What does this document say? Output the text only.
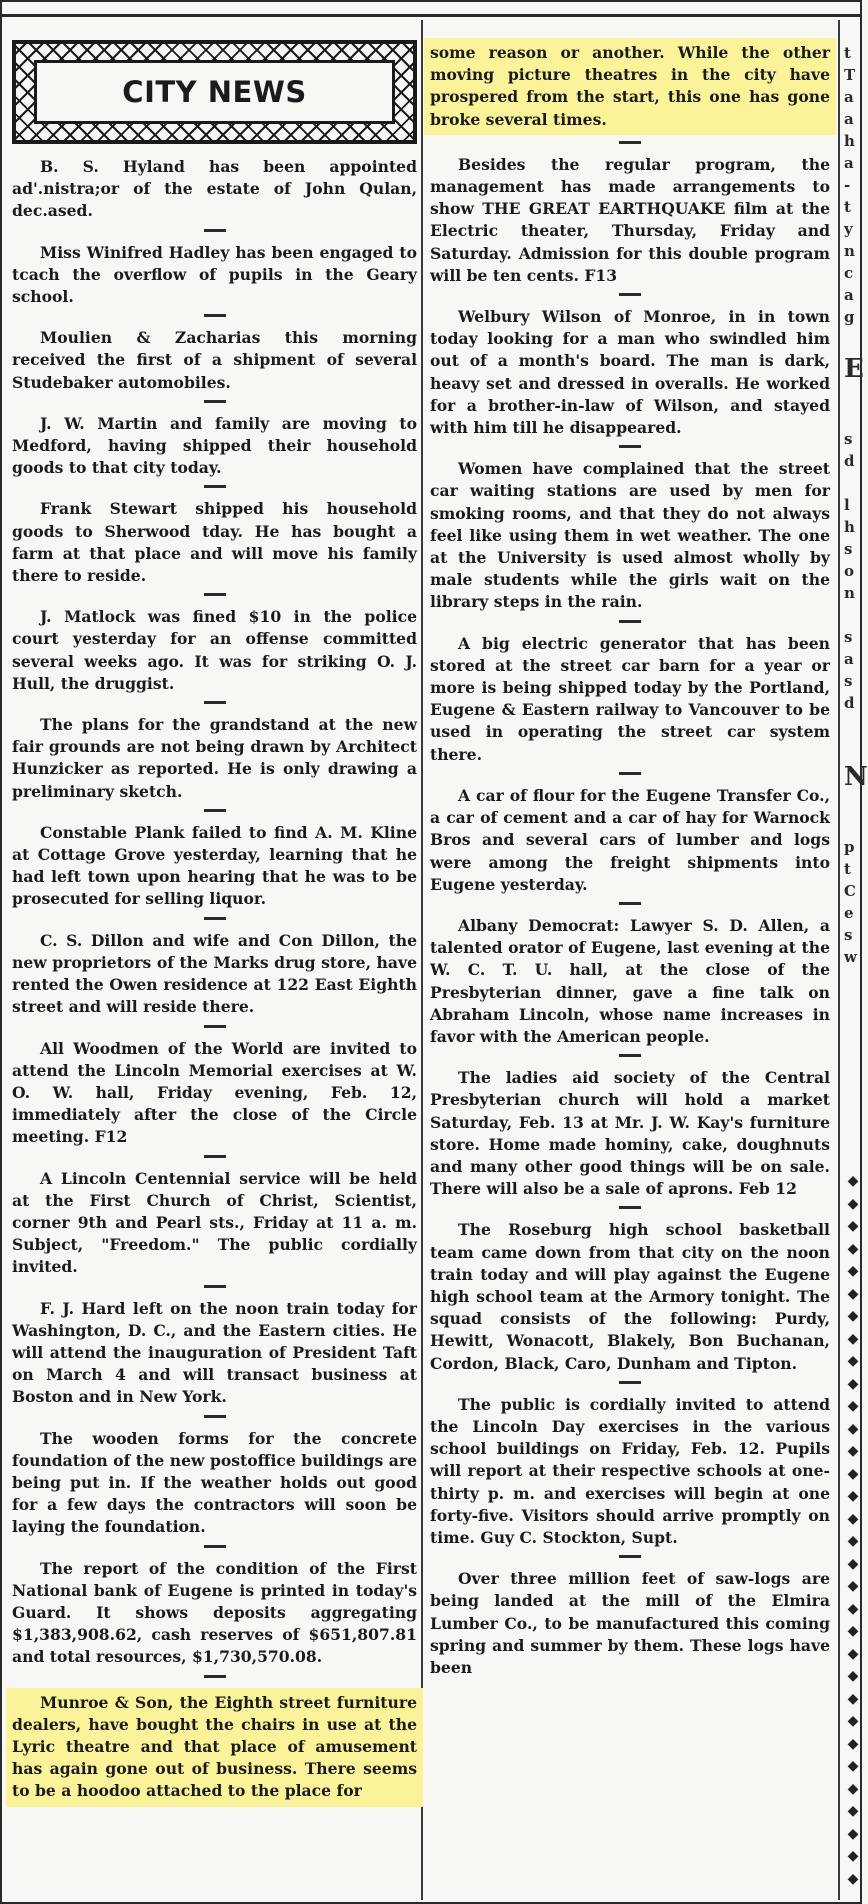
CITY NEWS

B. S. Hyland has been appointed ad'.nistra;or of the estate of John Qulan, dec.ased.

Miss Winifred Hadley has been engaged to tcach the overflow of pupils in the Geary school.

Moulien & Zacharias this morning received the first of a shipment of several Studebaker automobiles.

J. W. Martin and family are moving to Medford, having shipped their household goods to that city today.

Frank Stewart shipped his household goods to Sherwood tday. He has bought a farm at that place and will move his family there to reside.

J. Matlock was fined $10 in the police court yesterday for an offense committed several weeks ago. It was for striking O. J. Hull, the druggist.

The plans for the grandstand at the new fair grounds are not being drawn by Architect Hunzicker as reported. He is only drawing a preliminary sketch.

Constable Plank failed to find A. M. Kline at Cottage Grove yesterday, learning that he had left town upon hearing that he was to be prosecuted for selling liquor.

C. S. Dillon and wife and Con Dillon, the new proprietors of the Marks drug store, have rented the Owen residence at 122 East Eighth street and will reside there.

All Woodmen of the World are invited to attend the Lincoln Memorial exercises at W. O. W. hall, Friday evening, Feb. 12, immediately after the close of the Circle meeting. F12

A Lincoln Centennial service will be held at the First Church of Christ, Scientist, corner 9th and Pearl sts., Friday at 11 a. m. Subject, "Freedom." The public cordially invited.

F. J. Hard left on the noon train today for Washington, D. C., and the Eastern cities. He will attend the inauguration of President Taft on March 4 and will transact business at Boston and in New York.

The wooden forms for the concrete foundation of the new postoffice buildings are being put in. If the weather holds out good for a few days the contractors will soon be laying the foundation.

The report of the condition of the First National bank of Eugene is printed in today's Guard. It shows deposits aggregating $1,383,908.62, cash reserves of $651,807.81 and total resources, $1,730,570.08.

Munroe & Son, the Eighth street furniture dealers, have bought the chairs in use at the Lyric theatre and that place of amusement has again gone out of business. There seems to be a hoodoo attached to the place for

some reason or another. While the other moving picture theatres in the city have prospered from the start, this one has gone broke several times.

Besides the regular program, the management has made arrangements to show THE GREAT EARTHQUAKE film at the Electric theater, Thursday, Friday and Saturday. Admission for this double program will be ten cents. F13

Welbury Wilson of Monroe, in in town today looking for a man who swindled him out of a month's board. The man is dark, heavy set and dressed in overalls. He worked for a brother-in-law of Wilson, and stayed with him till he disappeared.

Women have complained that the street car waiting stations are used by men for smoking rooms, and that they do not always feel like using them in wet weather. The one at the University is used almost wholly by male students while the girls wait on the library steps in the rain.

A big electric generator that has been stored at the street car barn for a year or more is being shipped today by the Portland, Eugene & Eastern railway to Vancouver to be used in operating the street car system there.

A car of flour for the Eugene Transfer Co., a car of cement and a car of hay for Warnock Bros and several cars of lumber and logs were among the freight shipments into Eugene yesterday.

Albany Democrat: Lawyer S. D. Allen, a talented orator of Eugene, last evening at the W. C. T. U. hall, at the close of the Presbyterian dinner, gave a fine talk on Abraham Lincoln, whose name increases in favor with the American people.

The ladies aid society of the Central Presbyterian church will hold a market Saturday, Feb. 13 at Mr. J. W. Kay's furniture store. Home made hominy, cake, doughnuts and many other good things will be on sale. There will also be a sale of aprons. Feb 12

The Roseburg high school basketball team came down from that city on the noon train today and will play against the Eugene high school team at the Armory tonight. The squad consists of the following: Purdy, Hewitt, Wonacott, Blakely, Bon Buchanan, Cordon, Black, Caro, Dunham and Tipton.

The public is cordially invited to attend the Lincoln Day exercises in the various school buildings on Friday, Feb. 12. Pupils will report at their respective schools at one-thirty p. m. and exercises will begin at one forty-five. Visitors should arrive promptly on time. Guy C. Stockton, Supt.

Over three million feet of saw-logs are being landed at the mill of the Elmira Lumber Co., to be manufactured this coming spring and summer by them. These logs have been

t
T
a
a
h
a
-
t
y
n
c
a
g
E
s
d
l
h
s
o
n
s
a
s
d
N
p
t
C
e
s
w
◆
◆
◆
◆
◆
◆
◆
◆
◆
◆
◆
◆
◆
◆
◆
◆
◆
◆
◆
◆
◆
◆
◆
◆
◆
◆
◆
◆
◆
◆
◆
◆
